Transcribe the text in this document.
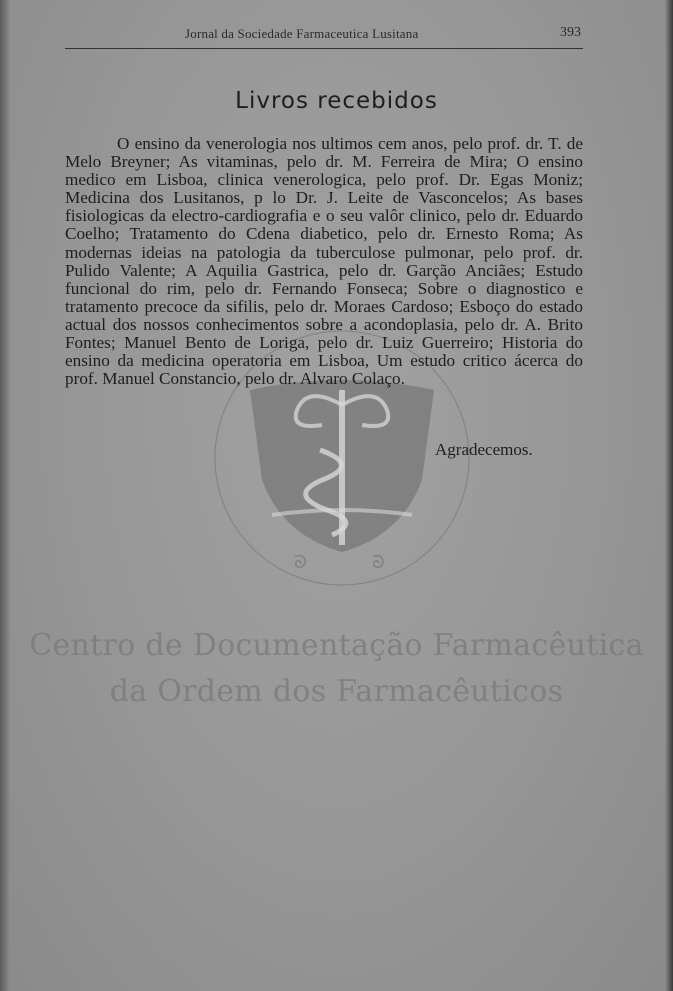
Jornal da Sociedade Farmaceutica Lusitana	393
ᘐ	ᘐ
Livros recebidos

O ensino da venerologia nos ultimos cem anos, pelo prof. dr. T. de Melo Breyner; As vitaminas, pelo dr. M. Ferreira de Mira; O ensino medico em Lisboa, clinica venerologica, pelo prof. Dr. Egas Moniz; Medicina dos Lusitanos, p lo Dr. J. Leite de Vasconcelos; As bases fisiologicas da electro-cardiografia e o seu valôr clinico, pelo dr. Eduardo Coelho; Tratamento do Cdena diabetico, pelo dr. Ernesto Roma; As modernas ideias na patologia da tuberculose pulmonar, pelo prof. dr. Pulido Valente; A Aquilia Gastrica, pelo dr. Garção Anciães; Estudo funcional do rim, pelo dr. Fernando Fonseca; Sobre o diagnostico e tratamento precoce da sifilis, pelo dr. Moraes Cardoso; Esboço do estado actual dos nossos conhecimentos sobre a acondoplasia, pelo dr. A. Brito Fontes; Manuel Bento de Loriga, pelo dr. Luiz Guerreiro; Historia do ensino da medicina operatoria em Lisboa, Um estudo critico ácerca do prof. Manuel Constancio, pelo dr. Alvaro Colaço.

Agradecemos.
Centro de Documentação Farmacêutica
da Ordem dos Farmacêuticos
